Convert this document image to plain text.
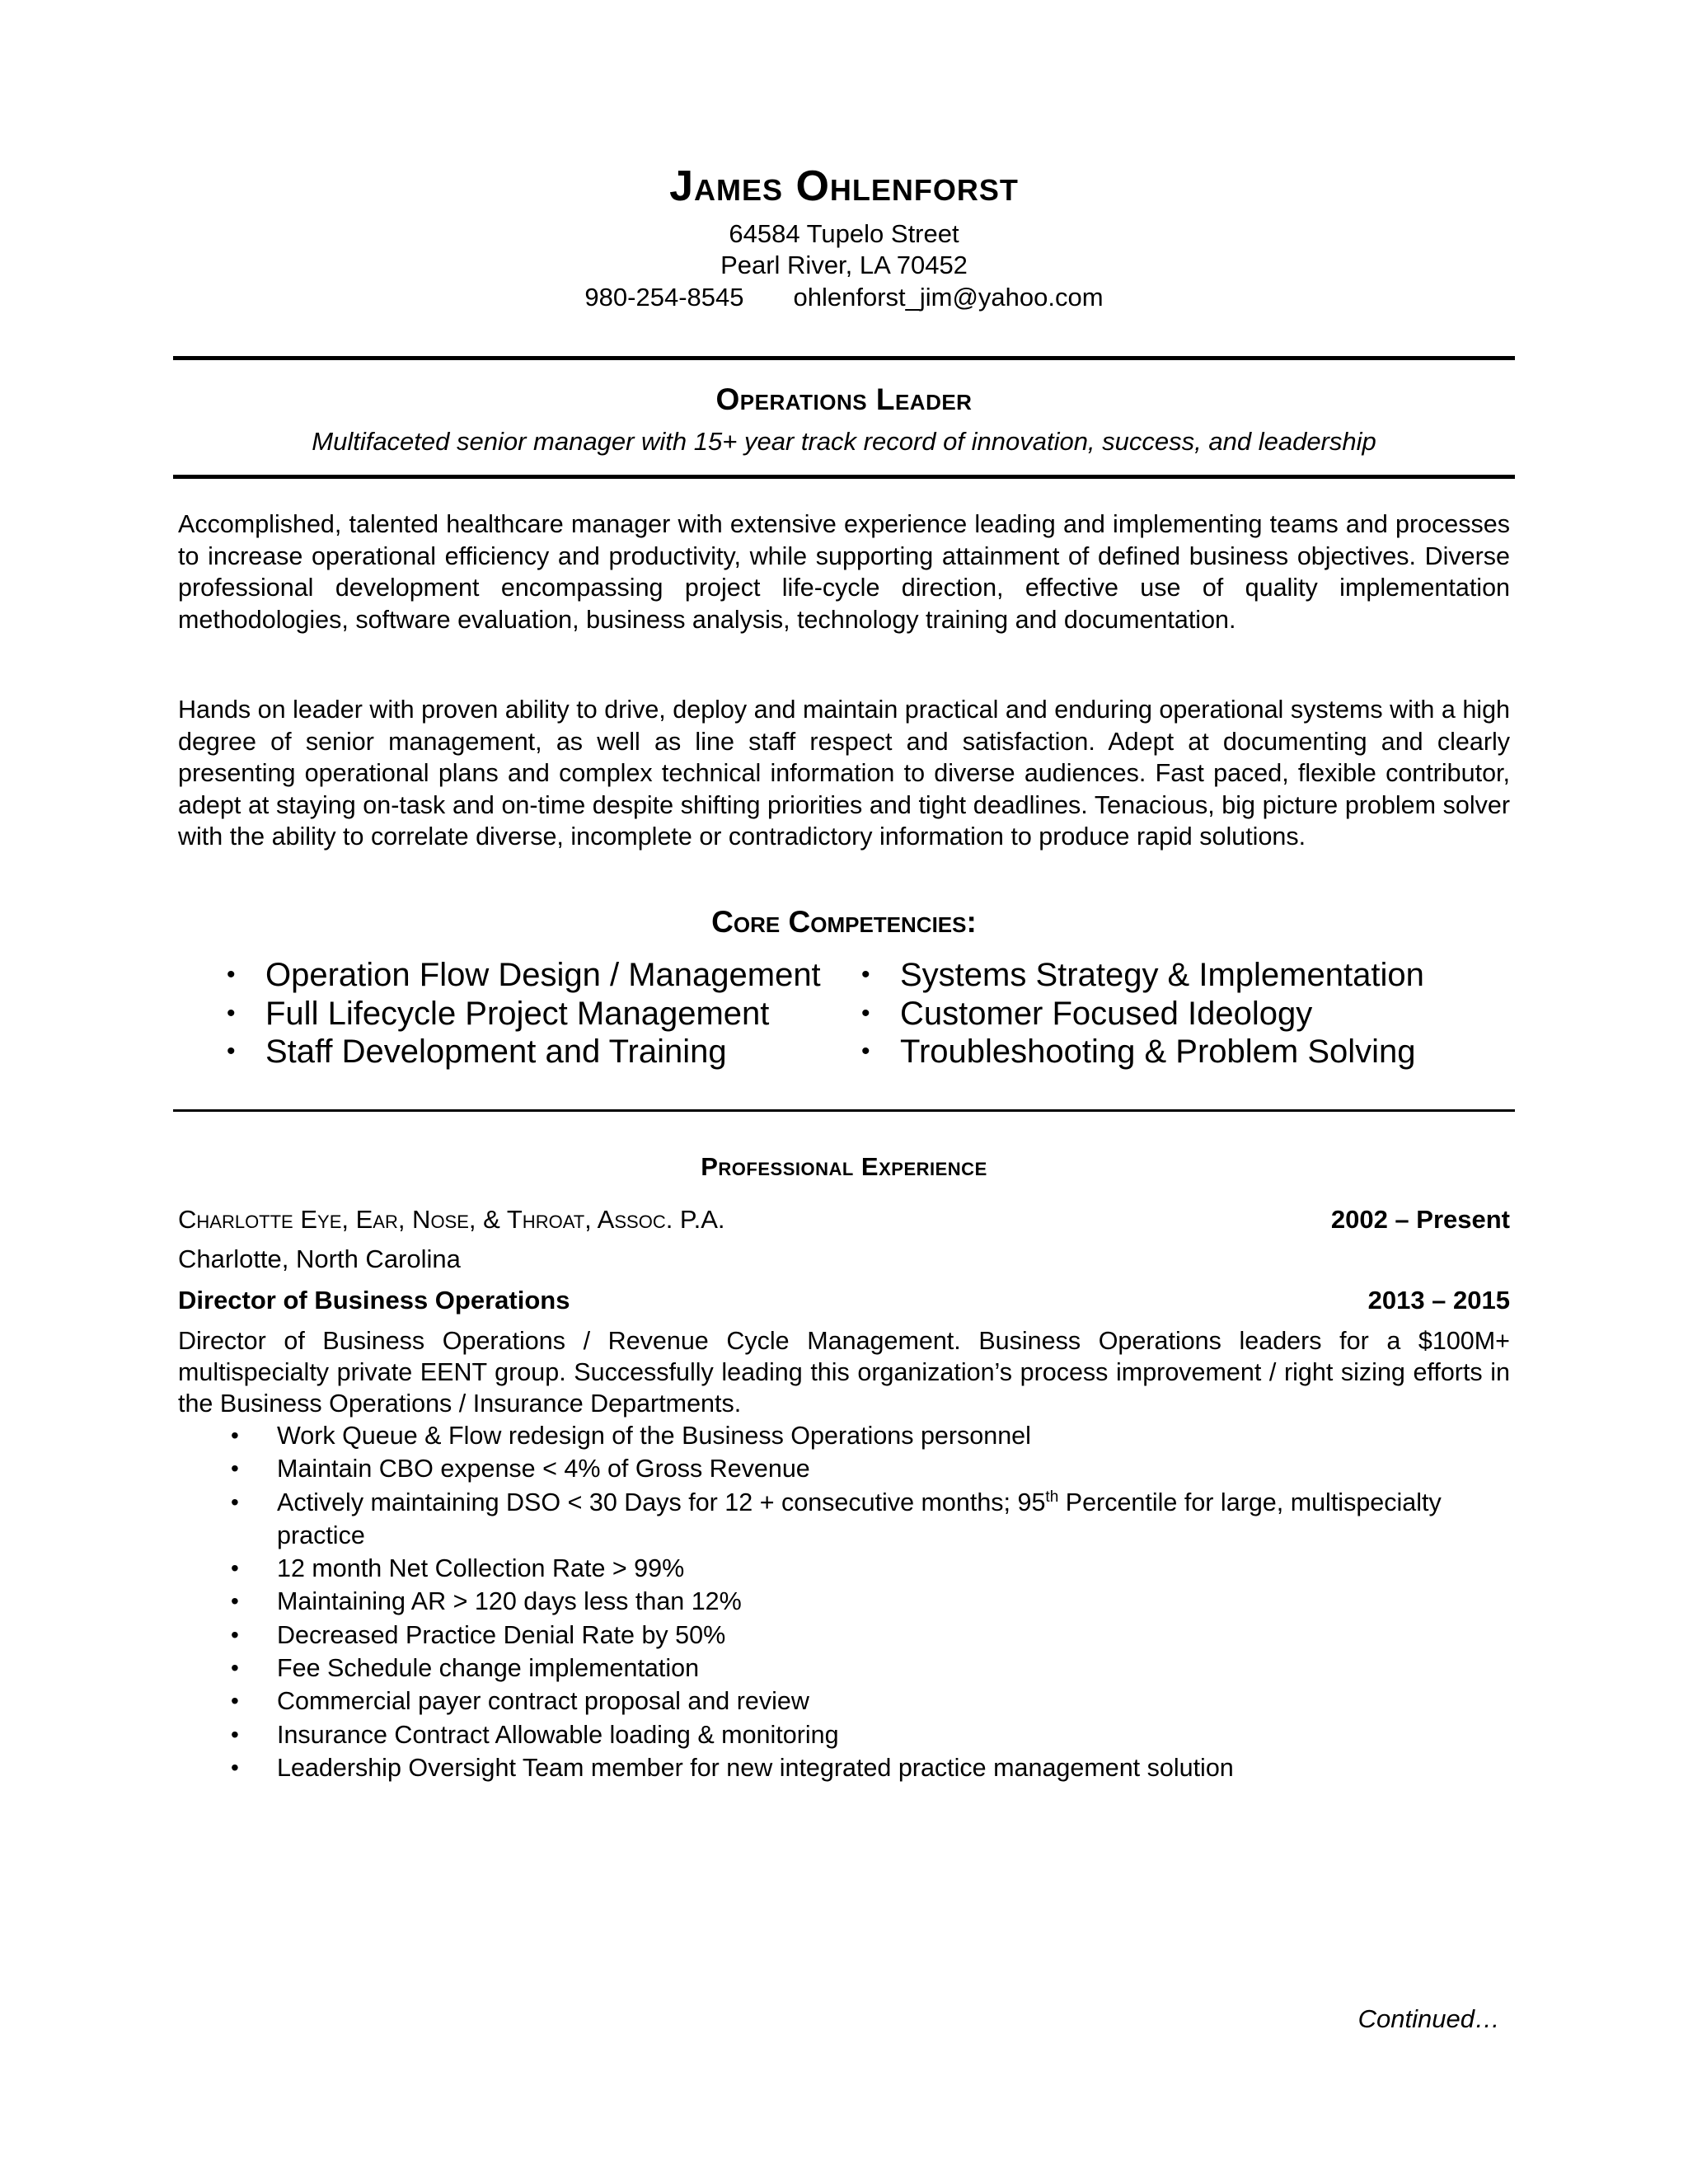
James Ohlenforst
64584 Tupelo Street
Pearl River, LA 70452
980-254-8545 ohlenforst_jim@yahoo.com
Operations Leader
Multifaceted senior manager with 15+ year track record of innovation, success, and leadership
Accomplished, talented healthcare manager with extensive experience leading and implementing teams and processes to increase operational efficiency and productivity, while supporting attainment of defined business objectives. Diverse professional development encompassing project life-cycle direction, effective use of quality implementation methodologies, software evaluation, business analysis, technology training and documentation.
Hands on leader with proven ability to drive, deploy and maintain practical and enduring operational systems with a high degree of senior management, as well as line staff respect and satisfaction. Adept at documenting and clearly presenting operational plans and complex technical information to diverse audiences. Fast paced, flexible contributor, adept at staying on-task and on-time despite shifting priorities and tight deadlines. Tenacious, big picture problem solver with the ability to correlate diverse, incomplete or contradictory information to produce rapid solutions.
Core Competencies:
• Operation Flow Design / Management
• Full Lifecycle Project Management
• Staff Development and Training
• Systems Strategy & Implementation
• Customer Focused Ideology
• Troubleshooting & Problem Solving
Professional Experience
Charlotte Eye, Ear, Nose, & Throat, Assoc. P.A.	2002 – Present
Charlotte, North Carolina
Director of Business Operations	2013 – 2015
Director of Business Operations / Revenue Cycle Management. Business Operations leaders for a $100M+ multispecialty private EENT group. Successfully leading this organization’s process improvement / right sizing efforts in the Business Operations / Insurance Departments.
• Work Queue & Flow redesign of the Business Operations personnel
• Maintain CBO expense < 4% of Gross Revenue
• Actively maintaining DSO < 30 Days for 12 + consecutive months; 95th Percentile for large, multispecialty practice
• 12 month Net Collection Rate > 99%
• Maintaining AR > 120 days less than 12%
• Decreased Practice Denial Rate by 50%
• Fee Schedule change implementation
• Commercial payer contract proposal and review
• Insurance Contract Allowable loading & monitoring
• Leadership Oversight Team member for new integrated practice management solution
Continued…
